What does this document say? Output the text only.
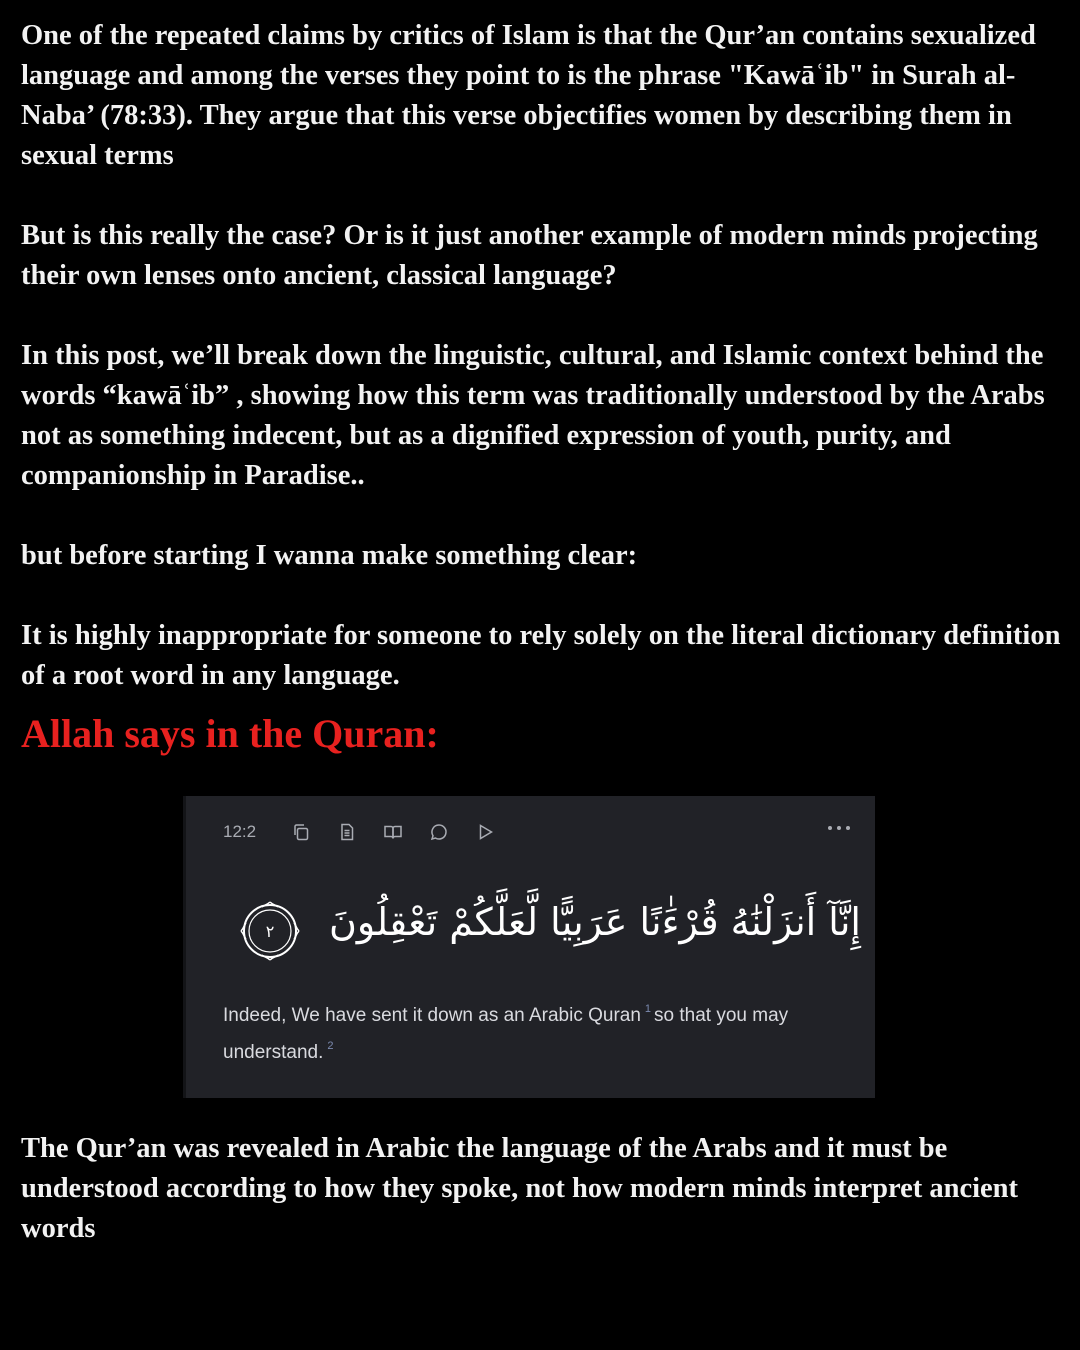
One of the repeated claims by critics of Islam is that the Qur’an contains sexualized language and among the verses they point to is the phrase "Kawāʿib" in Surah al-Naba’ (78:33). They argue that this verse objectifies women by describing them in sexual terms

But is this really the case? Or is it just another example of modern minds projecting their own lenses onto ancient, classical language?

In this post, we’ll break down the linguistic, cultural, and Islamic context behind the words “kawāʿib” , showing how this term was traditionally understood by the Arabs not as something indecent, but as a dignified expression of youth, purity, and companionship in Paradise..

but before starting I wanna make something clear:

It is highly inappropriate for someone to rely solely on the literal dictionary definition of a root word in any language.

Allah says in the Quran:
12:2
إِنَّآ أَنزَلْنَٰهُ قُرْءَٰنًا عَرَبِيًّا لَّعَلَّكُمْ تَعْقِلُونَ
٢
Indeed, We have sent it down as an Arabic Quran $^1$ so that you may understand. $^2$

The Qur’an was revealed in Arabic the language of the Arabs and it must be understood according to how they spoke, not how modern minds interpret ancient words
